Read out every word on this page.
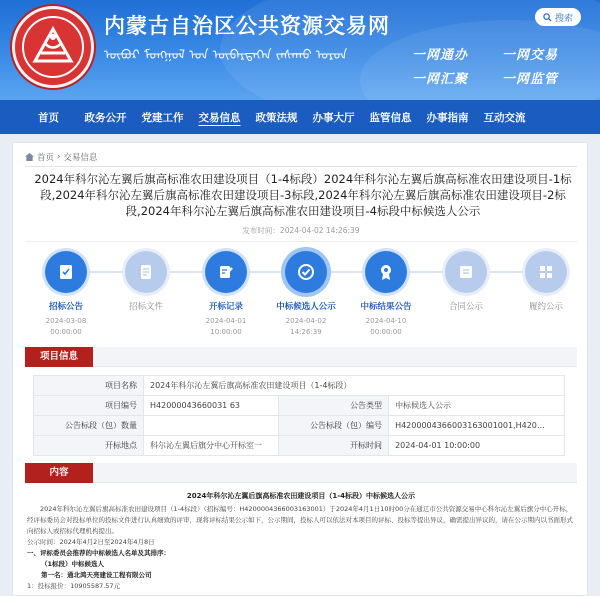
内蒙古自治区公共资源交易网
ᠥᠪᠦᠷ ᠮᠣᠩᠭᠣᠯ ᠤᠨ ᠥᠪᠡᠷᠲᠡᠭᠡᠨ ᠵᠠᠰᠠᠬᠤ ᠣᠷᠣᠨ
搜索
一网通办	一网交易
一网汇聚	一网监管
首页	政务公开	党建工作	交易信息	政策法规	办事大厅	监管信息	办事指南	互动交流
首页 › 交易信息
2024年科尔沁左翼后旗高标准农田建设项目（1-4标段）2024年科尔沁左翼后旗高标准农田建设项目-1标段,2024年科尔沁左翼后旗高标准农田建设项目-3标段,2024年科尔沁左翼后旗高标准农田建设项目-2标段,2024年科尔沁左翼后旗高标准农田建设项目-4标段中标候选人公示
发布时间：2024-04-02 14:26:39
招标公告
2024-03-08
00:00:00
招标文件	开标记录
2024-04-01
10:00:00
中标候选人公示
2024-04-02
14:26:39
中标结果公告
2024-04-10
00:00:00
合同公示	履约公示
项目信息
项目名称	2024年科尔沁左翼后旗高标准农田建设项目（1-4标段）		
项目编号	H42000043660031 63	公告类型	中标候选人公示
公告标段（包）数量		公告标段（包）编号	H4200004366003163001001,H420…
开标地点	科尔沁左翼后旗分中心开标室一	开标时间	2024-04-01 10:00:00
内容
2024年科尔沁左翼后旗高标准农田建设项目（1-4标段）中标候选人公示
2024年科尔沁左翼后旗高标准农田建设项目（1-4标段）（招标编号：H4200004366003163001）于2024年4月1日10时00分在通辽市公共资源交易中心科尔沁左翼后旗分中心开标，经评标委员会对投标单位的投标文件进行认真细致的评审，现将评标结果公示如下，公示期间，投标人可以依法对本项目的评标、投标等提出异议，确需提出异议的，请在公示期内以书面形式向招标人或招标代理机构提出。
公示时间：2024年4月2日至2024年4月8日
一、评标委员会推荐的中标候选人名单及其排序：
（1标段）中标候选人
第一名：通北鸿天亮建设工程有限公司
1：投标报价：10905587.57元
